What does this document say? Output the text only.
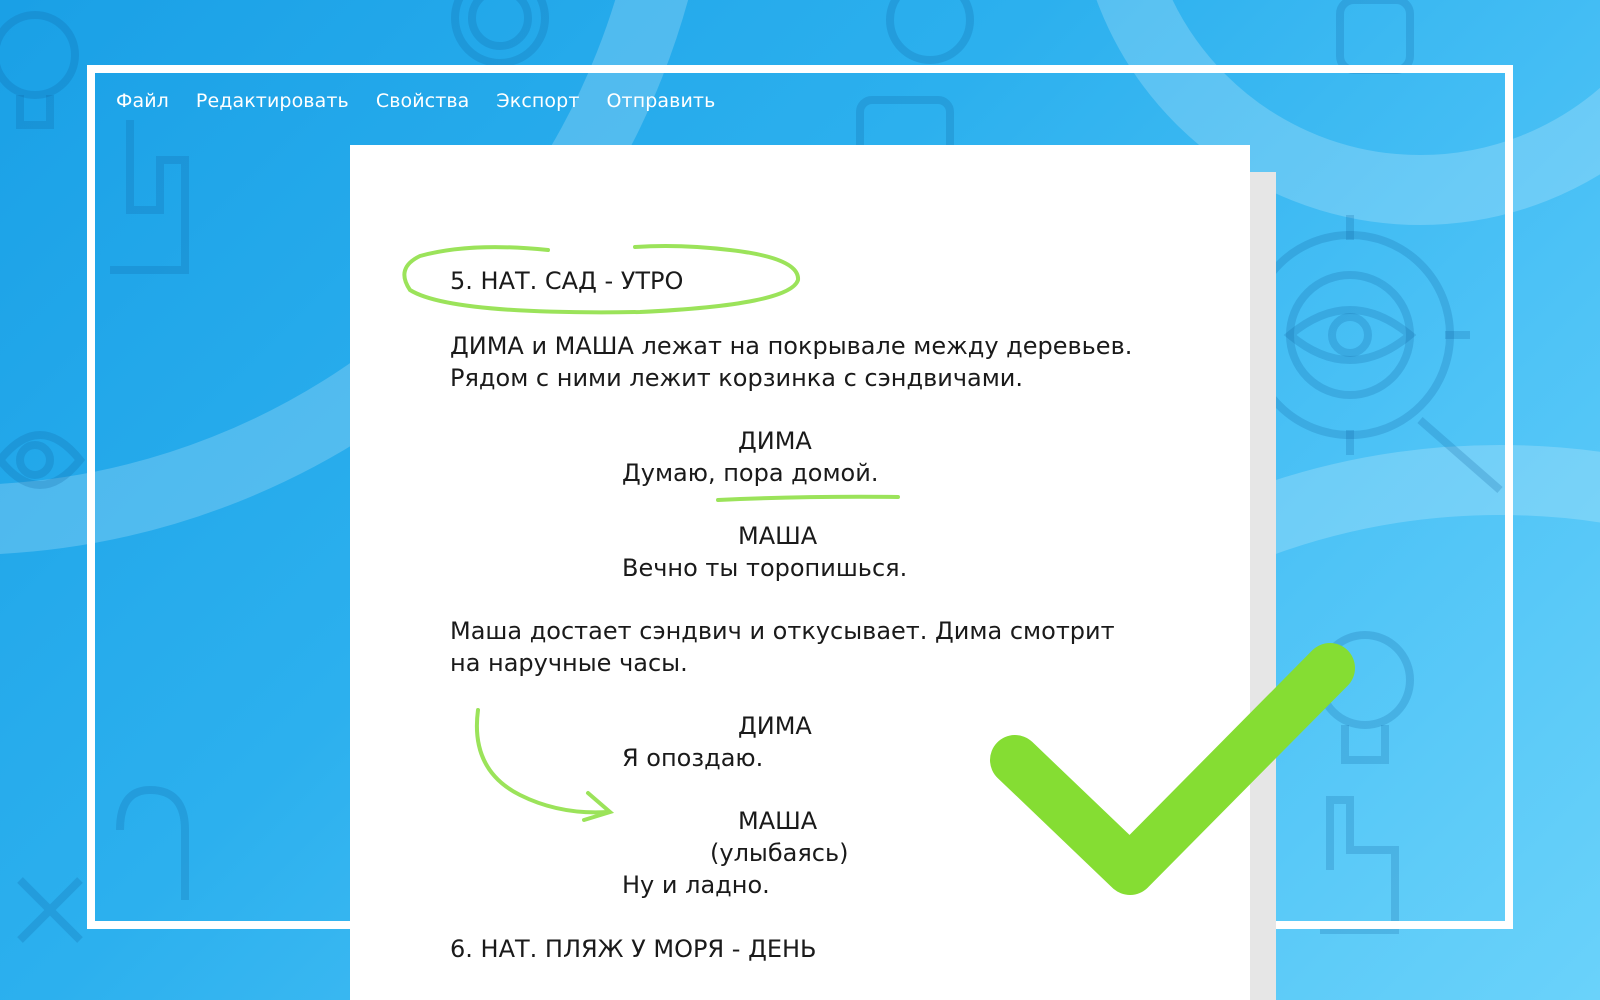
Файл Редактировать Свойства Экспорт Отправить
5. НАТ. САД - УТРО
ДИМА и МАША лежат на покрывале между деревьев.
Рядом с ними лежит корзинка с сэндвичами.
ДИМА
Думаю, пора домой.
МАША
Вечно ты торопишься.
Маша достает сэндвич и откусывает. Дима смотрит
на наручные часы.
ДИМА
Я опоздаю.
МАША
(улыбаясь)
Ну и ладно.
6. НАТ. ПЛЯЖ У МОРЯ - ДЕНЬ
